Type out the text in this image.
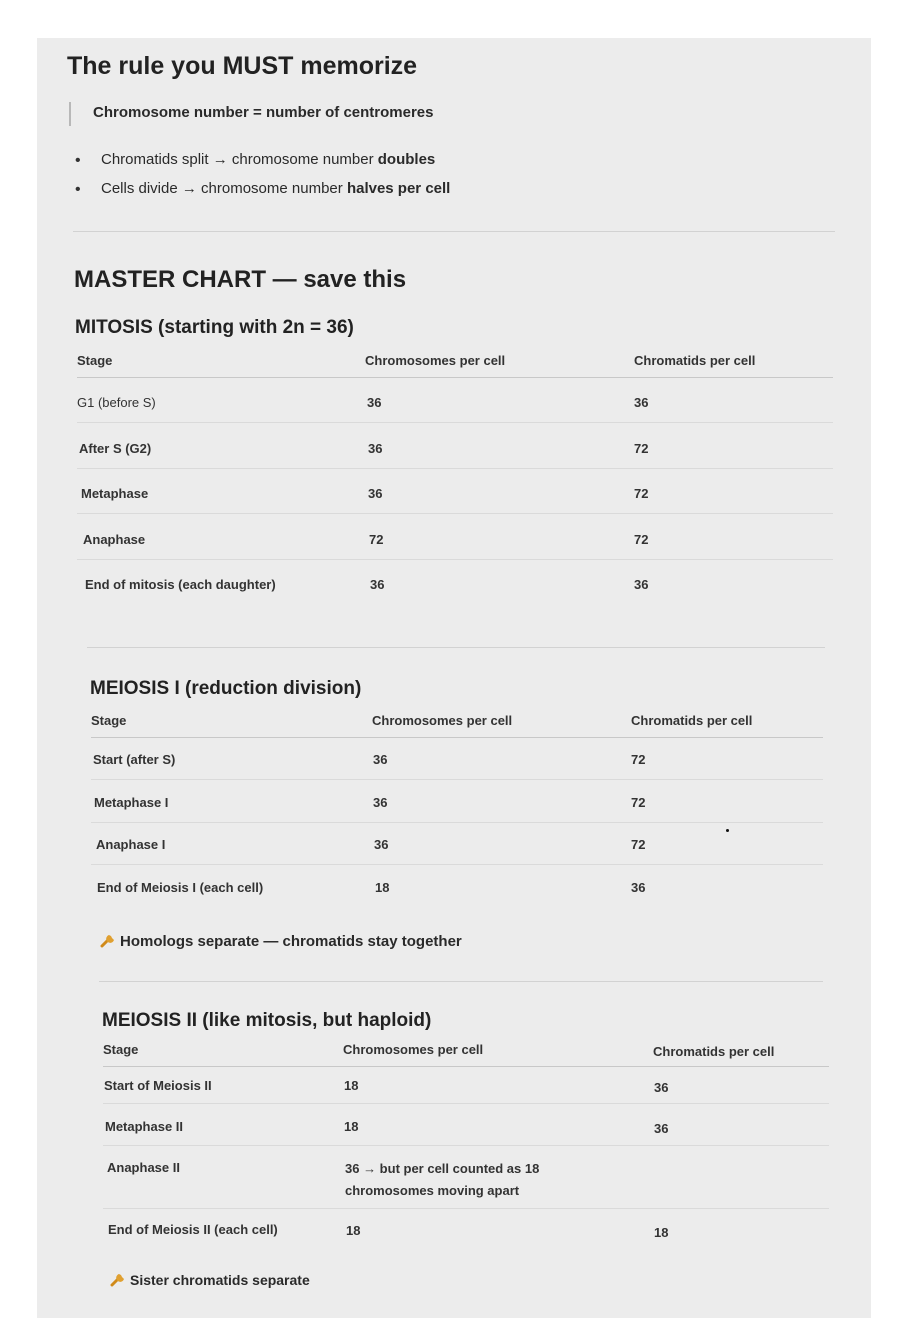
The rule you MUST memorize
Chromosome number = number of centromeres
• Chromatids split → chromosome number doubles
• Cells divide → chromosome number halves per cell
MASTER CHART — save this
MITOSIS (starting with 2n = 36)
Stage	Chromosomes per cell	Chromatids per cell
G1 (before S)	36	36
After S (G2)	36	72
Metaphase	36	72
Anaphase	72	72
End of mitosis (each daughter)	36	36
MEIOSIS I (reduction division)
Stage	Chromosomes per cell	Chromatids per cell
Start (after S)	36	72
Metaphase I	36	72
Anaphase I	36	72
End of Meiosis I (each cell)	18	36
Homologs separate — chromatids stay together
MEIOSIS II (like mitosis, but haploid)
Stage	Chromosomes per cell	Chromatids per cell
Start of Meiosis II	18	36
Metaphase II	18	36
Anaphase II	36 → but per cell counted as 18
chromosomes moving apart
End of Meiosis II (each cell)	18	18
Sister chromatids separate
